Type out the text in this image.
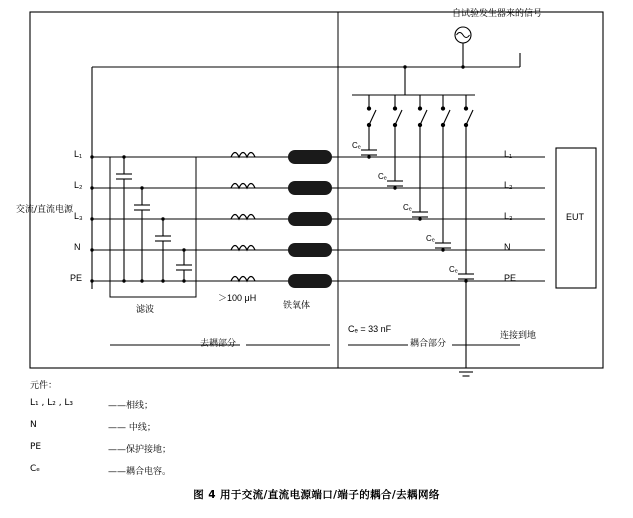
自试验发生器来的信号
交流/直流电源
L₁
L₂
L₃
N
PE
L₁
L₂
L₃
N
PE
EUT
滤波
＞100 μH
铁氧体
Cₑ = 33 nF
Cₑ
Cₑ
Cₑ
Cₑ
Cₑ
去耦部分	耦合部分
连接到地
元件：
L₁ , L₂ , L₃	——相线；
N	—— 中线；
PE	——保护接地；
Cₑ	——耦合电容。
图 4 用于交流/直流电源端口/端子的耦合/去耦网络
